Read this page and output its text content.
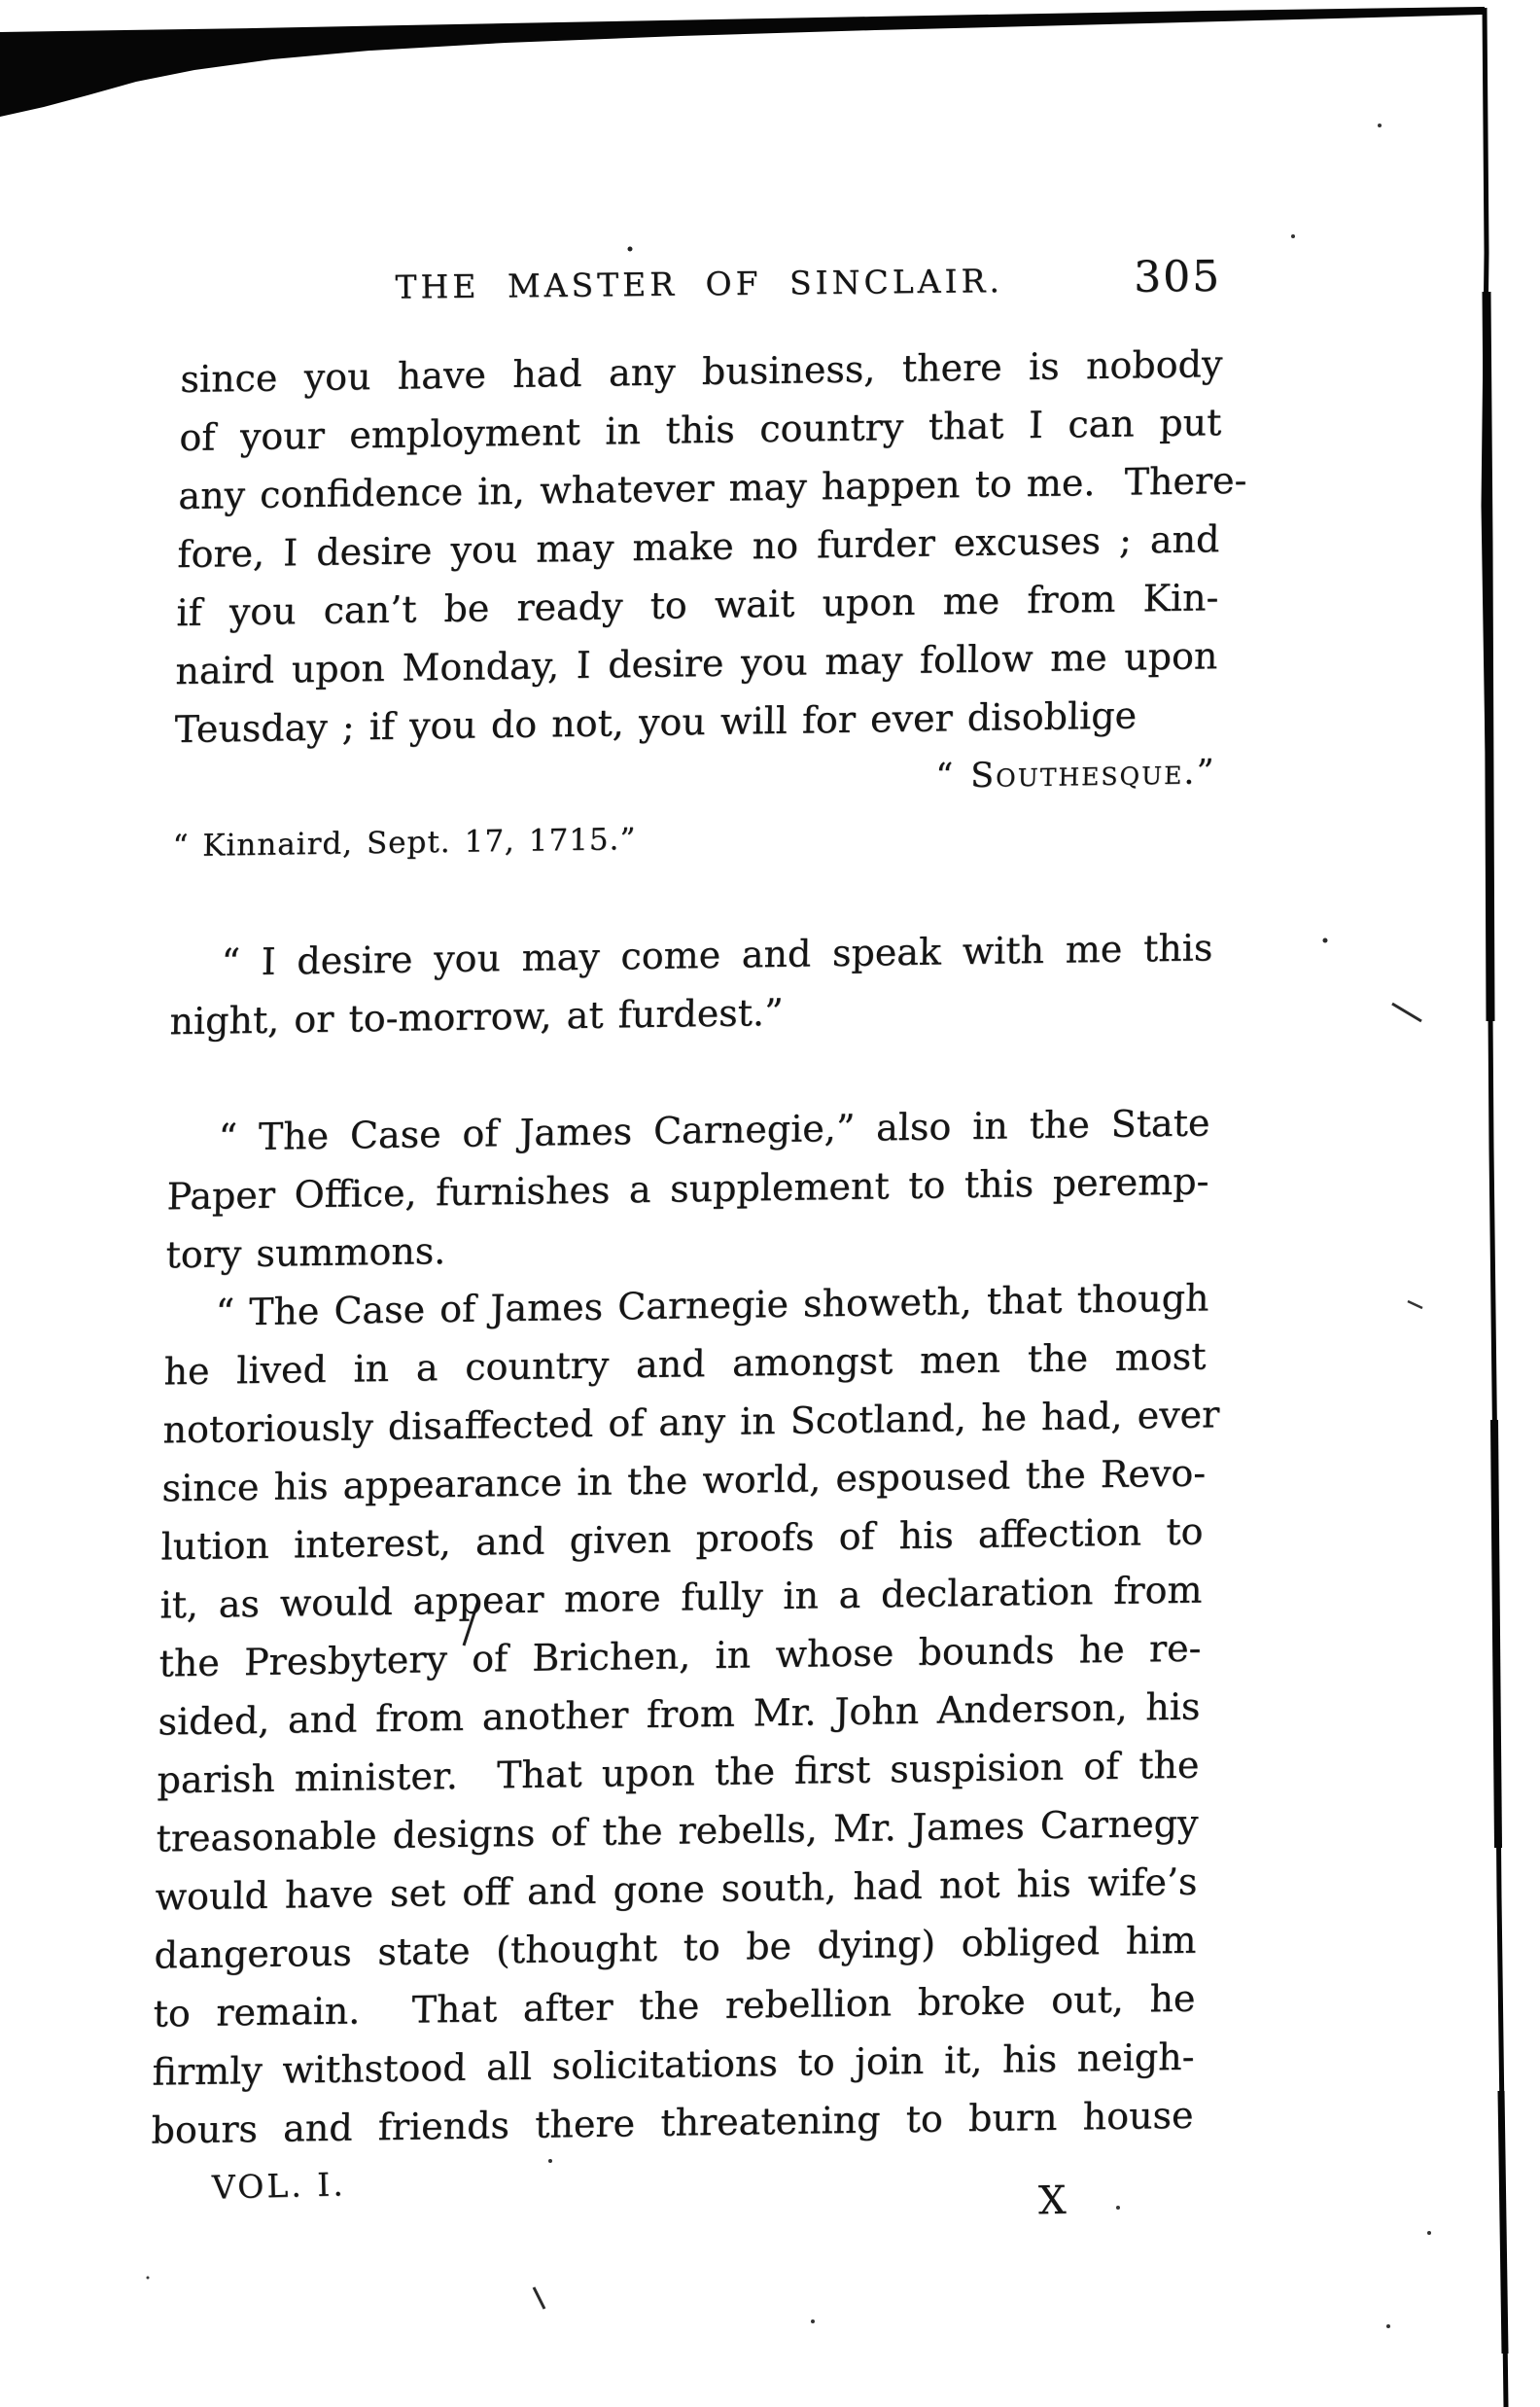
THE MASTER OF SINCLAIR.	305
since you have had any business, there is nobody
of your employment in this country that I can put
any confidence in, whatever may happen to me.  There-
fore, I desire you may make no furder excuses ; and
if you can’t be ready to wait upon me from Kin-
naird upon Monday, I desire you may follow me upon
Teusday ; if you do not, you will for ever disoblige
“ Southesque.”
“ Kinnaird, Sept. 17, 1715.”
“ I desire you may come and speak with me this
night, or to-morrow, at furdest.”
“ The Case of James Carnegie,” also in the State
Paper Office, furnishes a supplement to this peremp-
tory summons.
“ The Case of James Carnegie showeth, that though
he lived in a country and amongst men the most
notoriously disaffected of any in Scotland, he had, ever
since his appearance in the world, espoused the Revo-
lution interest, and given proofs of his affection to
it, as would appear more fully in a declaration from
the Presbytery of Brichen, in whose bounds he re-
sided, and from another from Mr. John Anderson, his
parish minister.  That upon the first suspision of the
treasonable designs of the rebells, Mr. James Carnegy
would have set off and gone south, had not his wife’s
dangerous state (thought to be dying) obliged him
to remain.  That after the rebellion broke out, he
firmly withstood all solicitations to join it, his neigh-
bours and friends there threatening to burn house
VOL. I.	X
